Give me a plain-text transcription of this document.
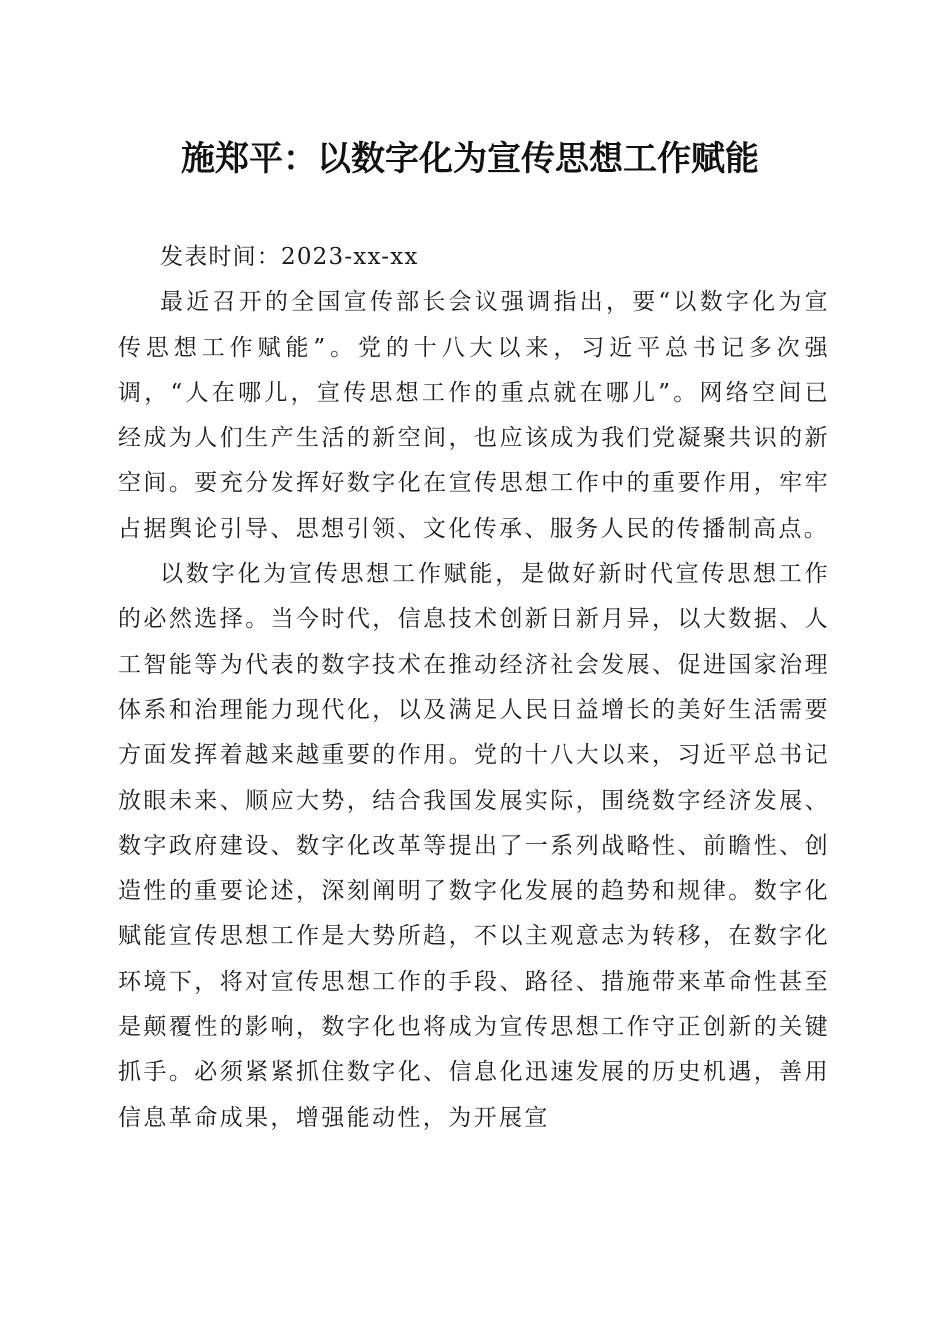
施郑平：以数字化为宣传思想工作赋能

发表时间：2023-xx-xx

最近召开的全国宣传部长会议强调指出，要“以数字化为宣传思想工作赋能”。党的十八大以来，习近平总书记多次强调，“人在哪儿，宣传思想工作的重点就在哪儿”。网络空间已经成为人们生产生活的新空间，也应该成为我们党凝聚共识的新空间。要充分发挥好数字化在宣传思想工作中的重要作用，牢牢占据舆论引导、思想引领、文化传承、服务人民的传播制高点。

以数字化为宣传思想工作赋能，是做好新时代宣传思想工作的必然选择。当今时代，信息技术创新日新月异，以大数据、人工智能等为代表的数字技术在推动经济社会发展、促进国家治理体系和治理能力现代化，以及满足人民日益增长的美好生活需要方面发挥着越来越重要的作用。党的十八大以来，习近平总书记放眼未来、顺应大势，结合我国发展实际，围绕数字经济发展、数字政府建设、数字化改革等提出了一系列战略性、前瞻性、创造性的重要论述，深刻阐明了数字化发展的趋势和规律。数字化赋能宣传思想工作是大势所趋，不以主观意志为转移，在数字化环境下，将对宣传思想工作的手段、路径、措施带来革命性甚至是颠覆性的影响，数字化也将成为宣传思想工作守正创新的关键抓手。必须紧紧抓住数字化、信息化迅速发展的历史机遇，善用信息革命成果，增强能动性，为开展宣
